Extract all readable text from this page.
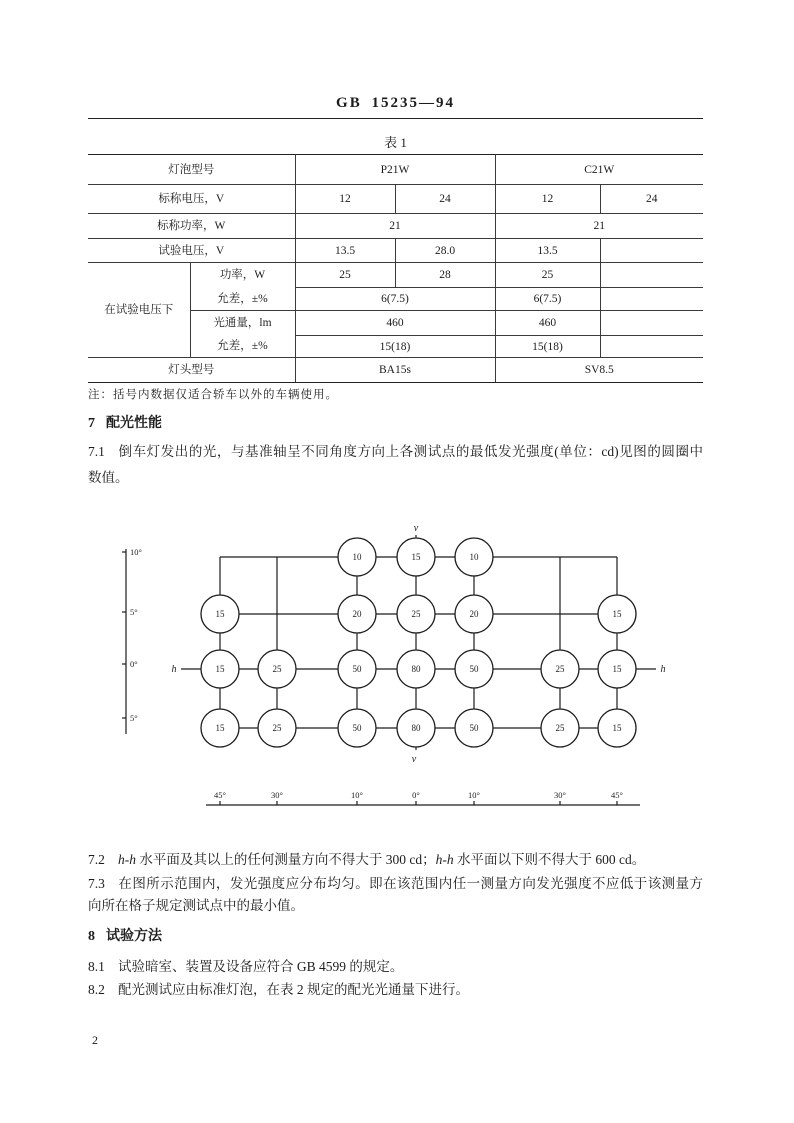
GB 15235—94
表 1
灯泡型号		P21W		C21W	
标称电压，V		12	24	12	24
标称功率，W		21		21	
试验电压，V		13.5	28.0	13.5	
在试验电压下	功率，W	25	28	25	
	允差，±%	6(7.5)		6(7.5)	
	光通量，lm	460		460	
	允差，±%	15(18)		15(18)	
灯头型号		BA15s		SV8.5	
注：括号内数据仅适合轿车以外的车辆使用。
7 配光性能
7.1 倒车灯发出的光，与基准轴呈不同角度方向上各测试点的最低发光强度(单位：cd)见图的圆圈中
数值。
10°
5°
0°
5°
v
v
h	h
10	15	10
15	20	25	20	15
15	25	50	80	50	25	15
15	25	50	80	50	25	15
45°	30°	10°	0°	10°	30°	45°
7.2 h-h 水平面及其以上的任何测量方向不得大于 300 cd；h-h 水平面以下则不得大于 600 cd。
7.3 在图所示范围内，发光强度应分布均匀。即在该范围内任一测量方向发光强度不应低于该测量方
向所在格子规定测试点中的最小值。
8 试验方法
8.1 试验暗室、装置及设备应符合 GB 4599 的规定。
8.2 配光测试应由标准灯泡，在表 2 规定的配光光通量下进行。
2
